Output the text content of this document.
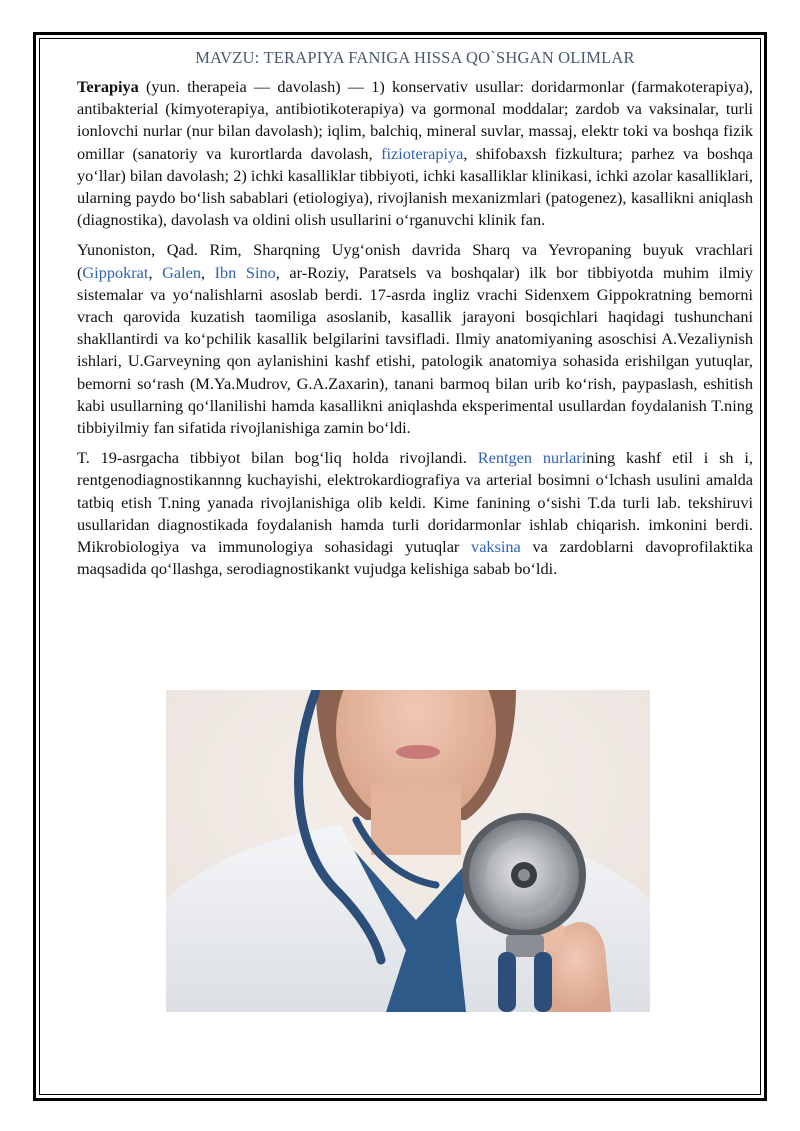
MAVZU: TERAPIYA FANIGA HISSA QO`SHGAN OLIMLAR

Terapiya (yun. therapeia — davolash) — 1) konservativ usullar: doridarmonlar (farmakoterapiya), antibakterial (kimyoterapiya, antibiotikoterapiya) va gormonal moddalar; zardob va vaksinalar, turli ionlovchi nurlar (nur bilan davolash); iqlim, balchiq, mineral suvlar, massaj, elektr toki va boshqa fizik omillar (sanatoriy va kurortlarda davolash, fizioterapiya, shifobaxsh fizkultura; parhez va boshqa yo‘llar) bilan davolash; 2) ichki kasalliklar tibbiyoti, ichki kasalliklar klinikasi, ichki azolar kasalliklari, ularning paydo bo‘lish sabablari (etiologiya), rivojlanish mexanizmlari (patogenez), kasallikni aniqlash (diagnostika), davolash va oldini olish usullarini o‘rganuvchi klinik fan.

Yunoniston, Qad. Rim, Sharqning Uyg‘onish davrida Sharq va Yevropaning buyuk vrachlari (Gippokrat, Galen, Ibn Sino, ar-Roziy, Paratsels va boshqalar) ilk bor tibbiyotda muhim ilmiy sistemalar va yo‘nalishlarni asoslab berdi. 17-asrda ingliz vrachi Sidenxem Gippokratning bemorni vrach qarovida kuzatish taomiliga asoslanib, kasallik jarayoni bosqichlari haqidagi tushunchani shakllantirdi va ko‘pchilik kasallik belgilarini tavsifladi. Ilmiy anatomiyaning asoschisi A.Vezaliynish ishlari, U.Garveyning qon aylanishini kashf etishi, patologik anatomiya sohasida erishilgan yutuqlar, bemorni so‘rash (M.Ya.Mudrov, G.A.Zaxarin), tanani barmoq bilan urib ko‘rish, paypaslash, eshitish kabi usullarning qo‘llanilishi hamda kasallikni aniqlashda eksperimental usullardan foydalanish T.ning tibbiyilmiy fan sifatida rivojlanishiga zamin bo‘ldi.

T. 19-asrgacha tibbiyot bilan bog‘liq holda rivojlandi. Rentgen nurlarining kashf etil i sh i, rentgenodiagnostikannng kuchayishi, elektrokardiografiya va arterial bosimni o‘lchash usulini amalda tatbiq etish T.ning yanada rivojlanishiga olib keldi. Kime fanining o‘sishi T.da turli lab. tekshiruvi usullaridan diagnostikada foydalanish hamda turli doridarmonlar ishlab chiqarish. imkonini berdi. Mikrobiologiya va immunologiya sohasidagi yutuqlar vaksina va zardoblarni davoprofilaktika maqsadida qo‘llashga, serodiagnostikankt vujudga kelishiga sabab bo‘ldi.
